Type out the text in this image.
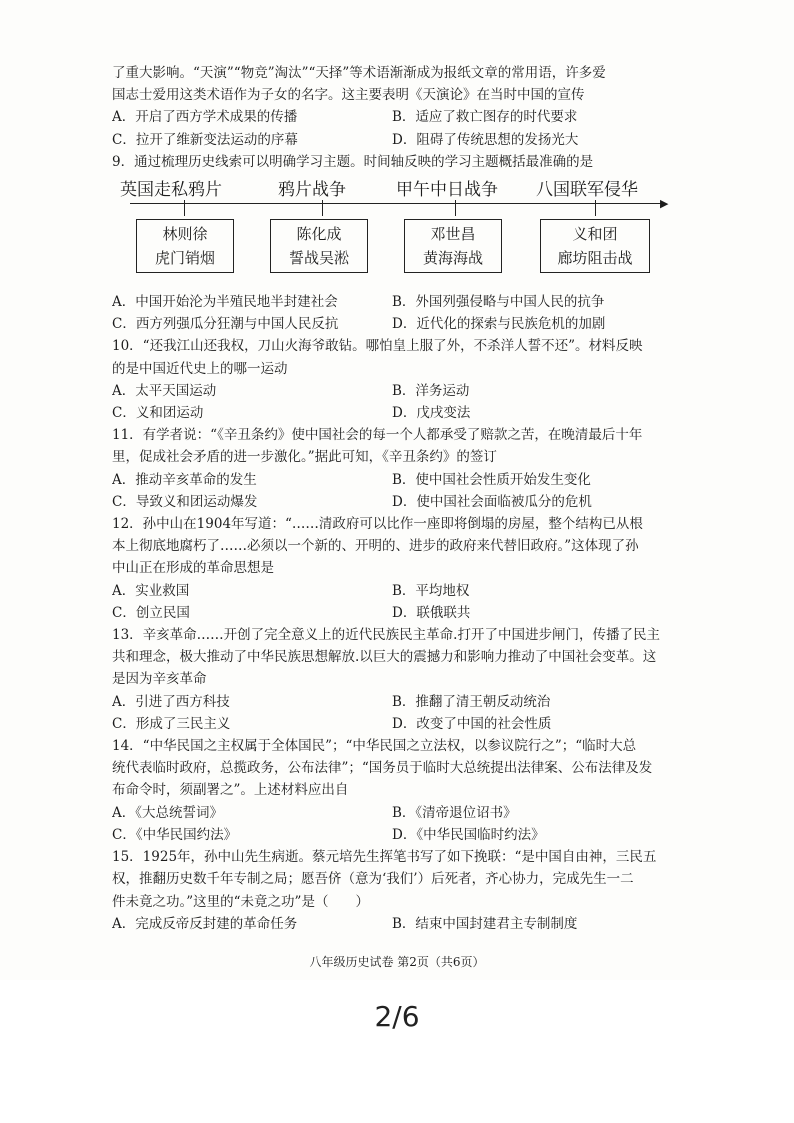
了重大影响。“天演”“物竞”淘汰”“天择”等术语渐渐成为报纸文章的常用语，许多爱
国志士爱用这类术语作为子女的名字。这主要表明《天演论》在当时中国的宣传
A．开启了西方学术成果的传播	B．适应了救亡图存的时代要求
C．拉开了维新变法运动的序幕	D．阻碍了传统思想的发扬光大
9．通过梳理历史线索可以明确学习主题。时间轴反映的学习主题概括最准确的是
▶
英国走私鸦片	鸦片战争	甲午中日战争 八国联军侵华
林则徐
虎门销烟
陈化成
誓战吴淞
邓世昌
黄海海战
义和团
廊坊阻击战
A．中国开始沦为半殖民地半封建社会	B．外国列强侵略与中国人民的抗争
C．西方列强瓜分狂潮与中国人民反抗	D．近代化的探索与民族危机的加剧
10．“还我江山还我权，刀山火海爷敢钻。哪怕皇上服了外，不杀洋人誓不还”。材料反映
的是中国近代史上的哪一运动
A．太平天国运动	B．洋务运动
C．义和团运动	D．戊戌变法
11．有学者说：“《辛丑条约》使中国社会的每一个人都承受了赔款之苦，在晚清最后十年
里，促成社会矛盾的进一步激化。”据此可知，《辛丑条约》的签订
A．推动辛亥革命的发生	B．使中国社会性质开始发生变化
C．导致义和团运动爆发	D．使中国社会面临被瓜分的危机
12．孙中山在1904年写道：“……清政府可以比作一座即将倒塌的房屋，整个结构已从根
本上彻底地腐朽了……必须以一个新的、开明的、进步的政府来代替旧政府。”这体现了孙
中山正在形成的革命思想是
A．实业救国	B．平均地权
C．创立民国	D．联俄联共
13．辛亥革命……开创了完全意义上的近代民族民主革命.打开了中国进步闸门，传播了民主
共和理念，极大推动了中华民族思想解放.以巨大的震撼力和影响力推动了中国社会变革。这
是因为辛亥革命
A．引进了西方科技	B．推翻了清王朝反动统治
C．形成了三民主义	D．改变了中国的社会性质
14．“中华民国之主权属于全体国民”；“中华民国之立法权，以参议院行之”；“临时大总
统代表临时政府，总揽政务，公布法律”；“国务员于临时大总统提出法律案、公布法律及发
布命令时，须副署之”。上述材料应出自
A．《大总统誓词》	B．《清帝退位诏书》
C．《中华民国约法》	D．《中华民国临时约法》
15．1925年，孙中山先生病逝。蔡元培先生挥笔书写了如下挽联：“是中国自由神，三民五
权，推翻历史数千年专制之局；愿吾侪（意为‘我们’）后死者，齐心协力，完成先生一二
件未竟之功。”这里的“未竟之功”是（　　）
A．完成反帝反封建的革命任务	B．结束中国封建君主专制制度
八年级历史试卷 第2页（共6页）
2/6
